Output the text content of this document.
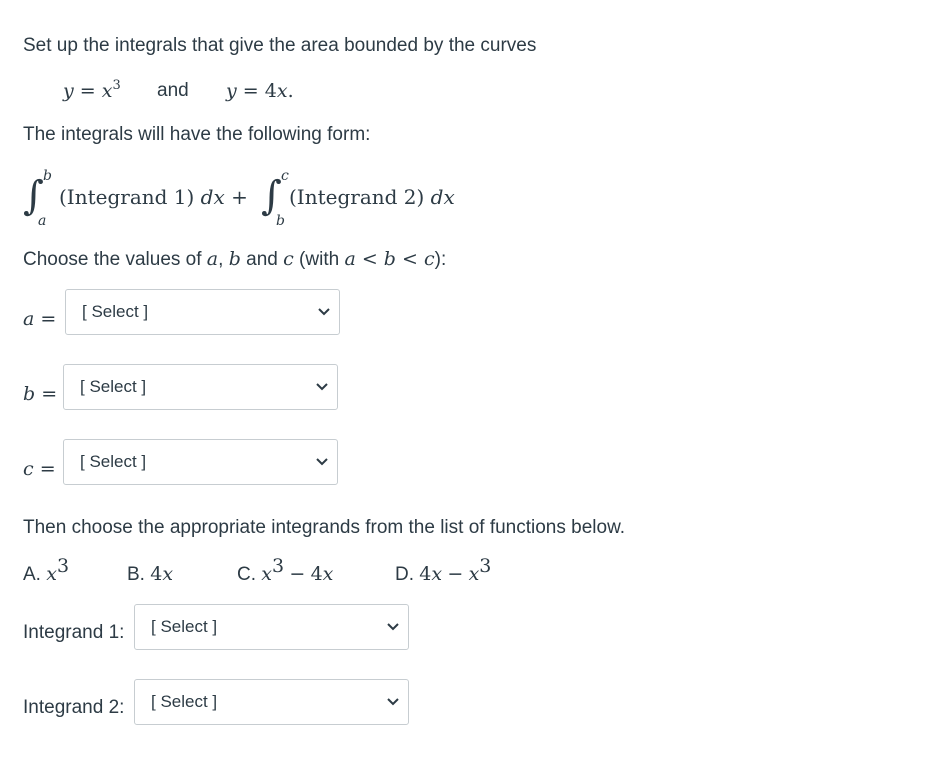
Set up the integrals that give the area bounded by the curves
$y = x^3$ and y = 4x.
The integrals will have the following form:
∫ b
a
(Integrand 1) dx + ∫ c
b
(Integrand 2) dx
Choose the values of a, b and c (with a < b < c):
a =	[ Select ]
b =	[ Select ]
c =	[ Select ]
Then choose the appropriate integrands from the list of functions below.
A. $x^3$	B. 4x	C. $x^3 - 4x$	D. $4x - x^3$
Integrand 1:	[ Select ]
Integrand 2:	[ Select ]
